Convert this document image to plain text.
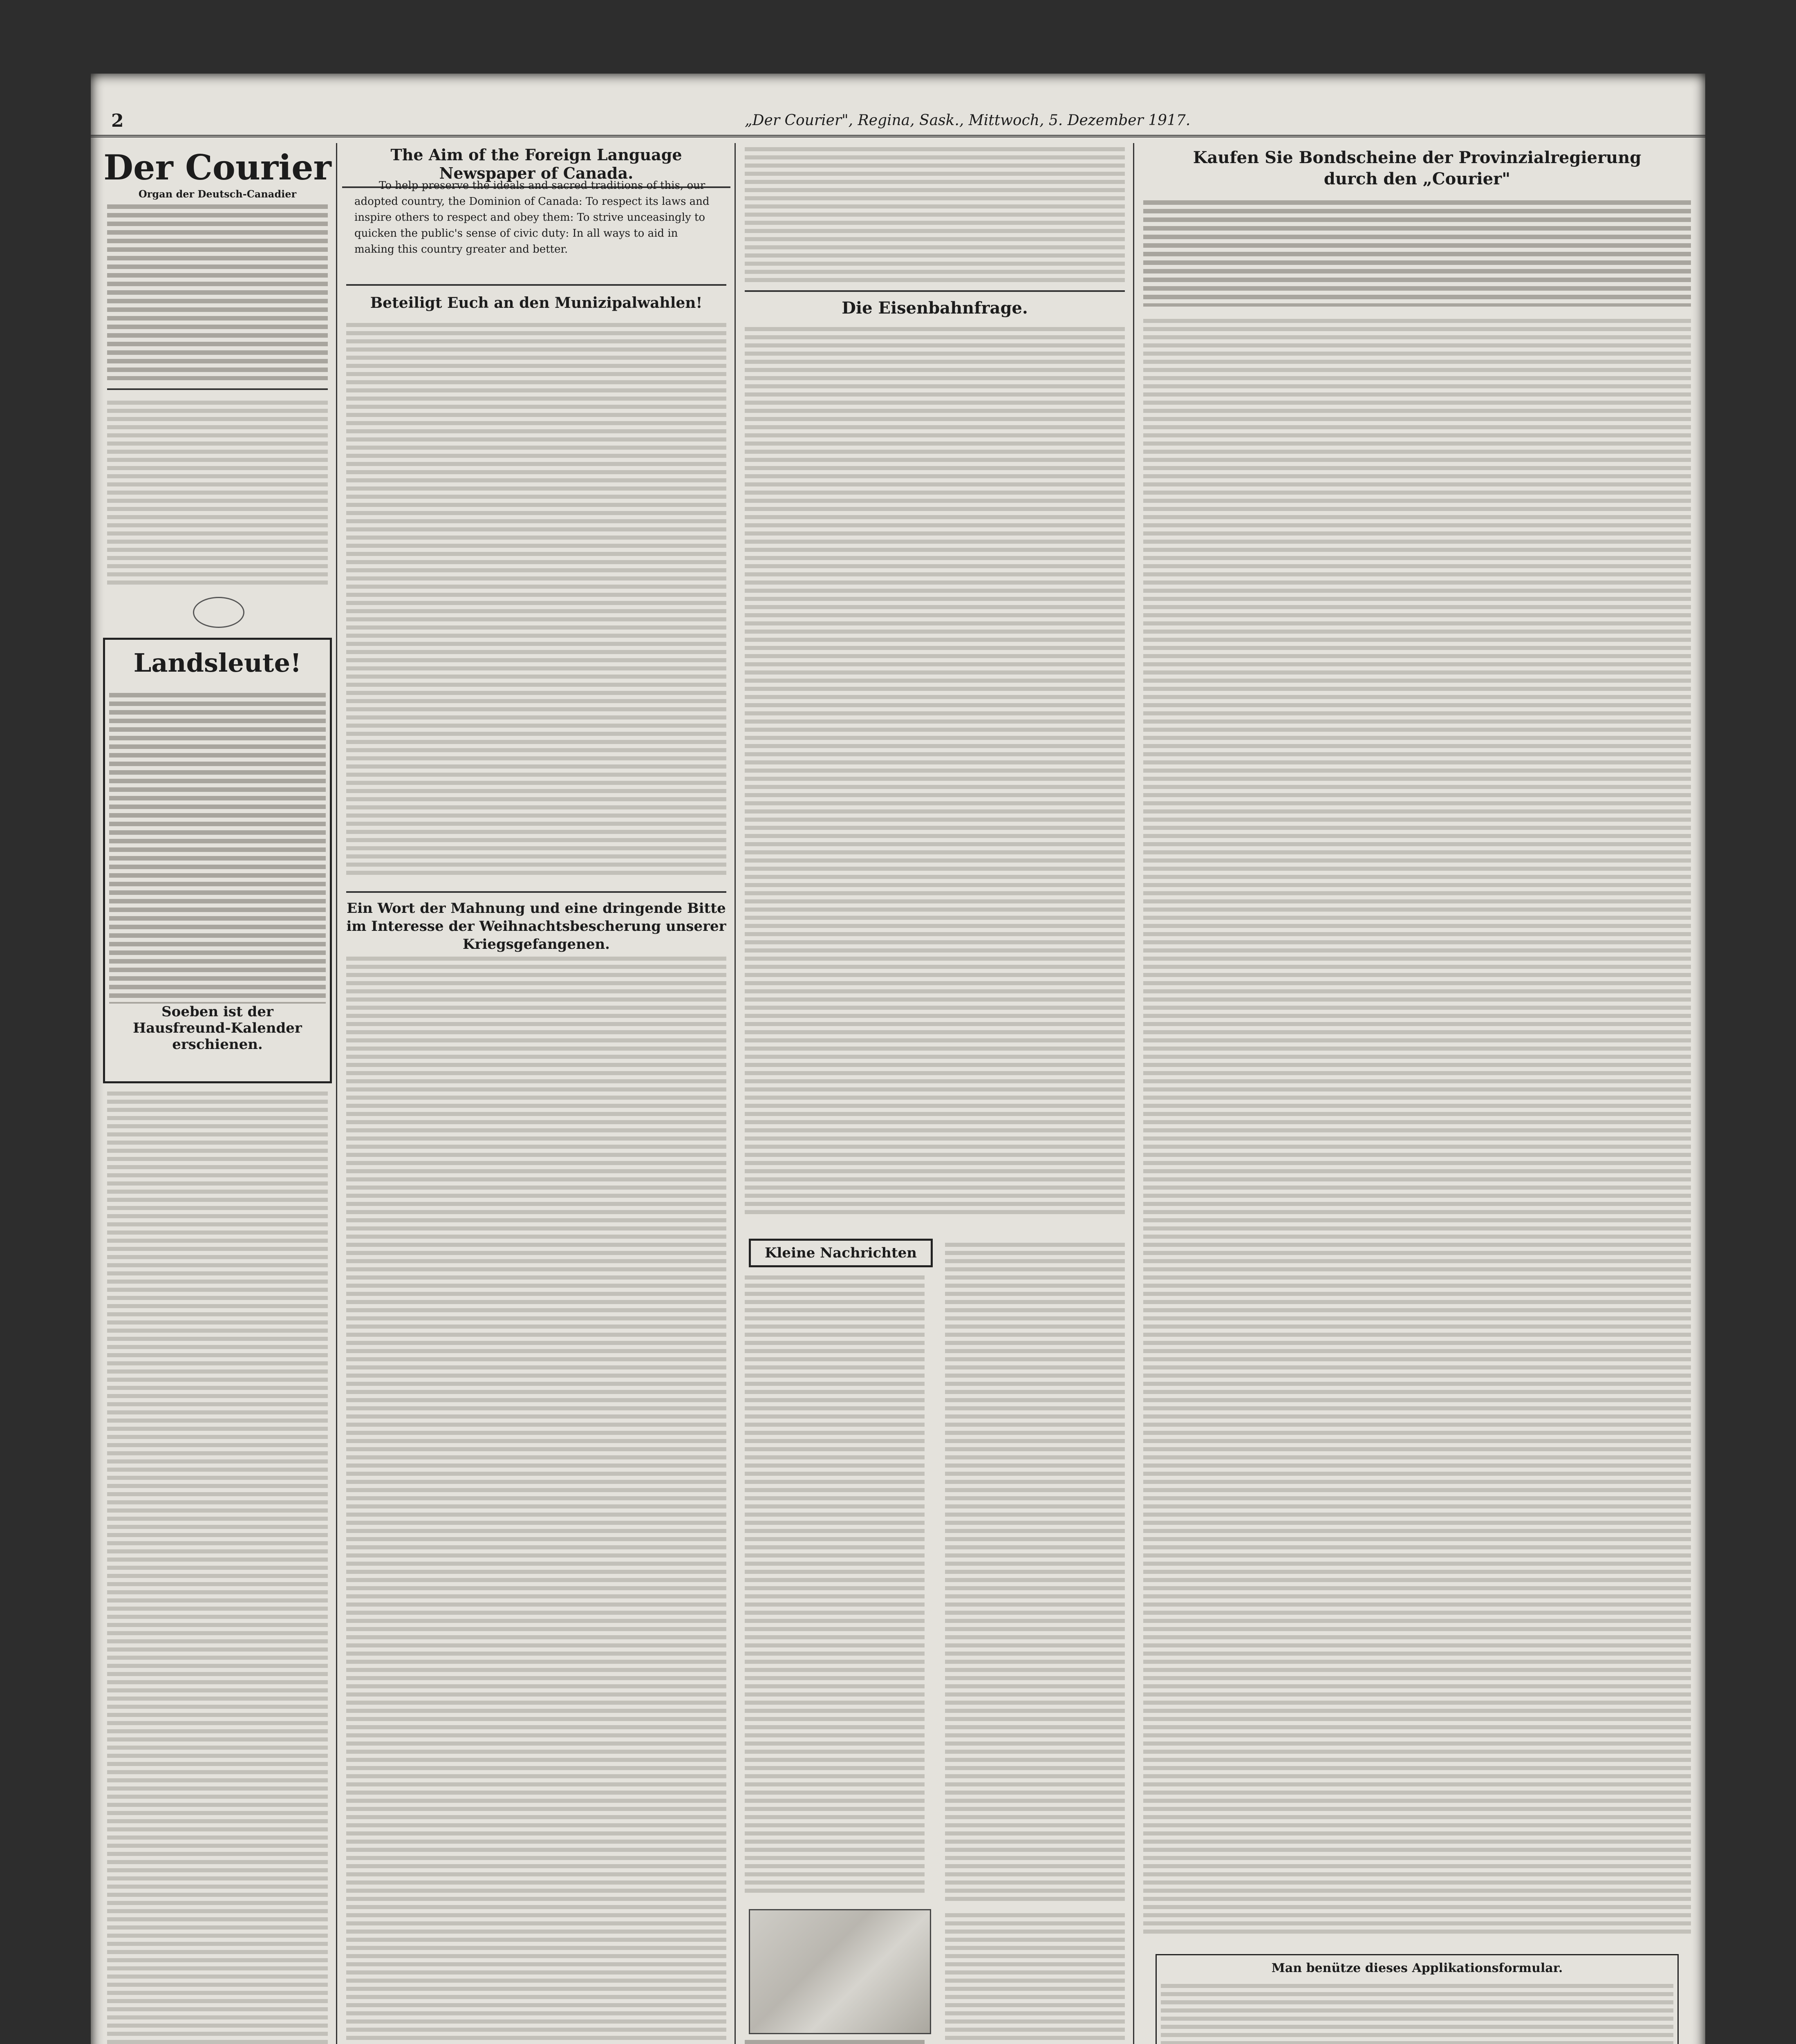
2	„Der Courier", Regina, Sask., Mittwoch, 5. Dezember 1917.
Der Courier
Organ der Deutsch-Canadier
Landsleute!
Soeben ist der Hausfreund-Kalender erschienen.
The Aim of the Foreign Language Newspaper of Canada.
To help preserve the ideals and sacred traditions of this, our adopted country, the Dominion of Canada: To respect its laws and inspire others to respect and obey them: To strive unceasingly to quicken the public's sense of civic duty: In all ways to aid in making this country greater and better.
Beteiligt Euch an den Munizipalwahlen!
Ein Wort der Mahnung und eine dringende Bitte im Interesse der Weihnachtsbescherung unserer Kriegsgefangenen.
Die Eisenbahnfrage.
Kleine Nachrichten
Kaufen Sie Bondscheine der Provinzialregierung durch den „Courier"
Man benütze dieses Applikationsformular.
